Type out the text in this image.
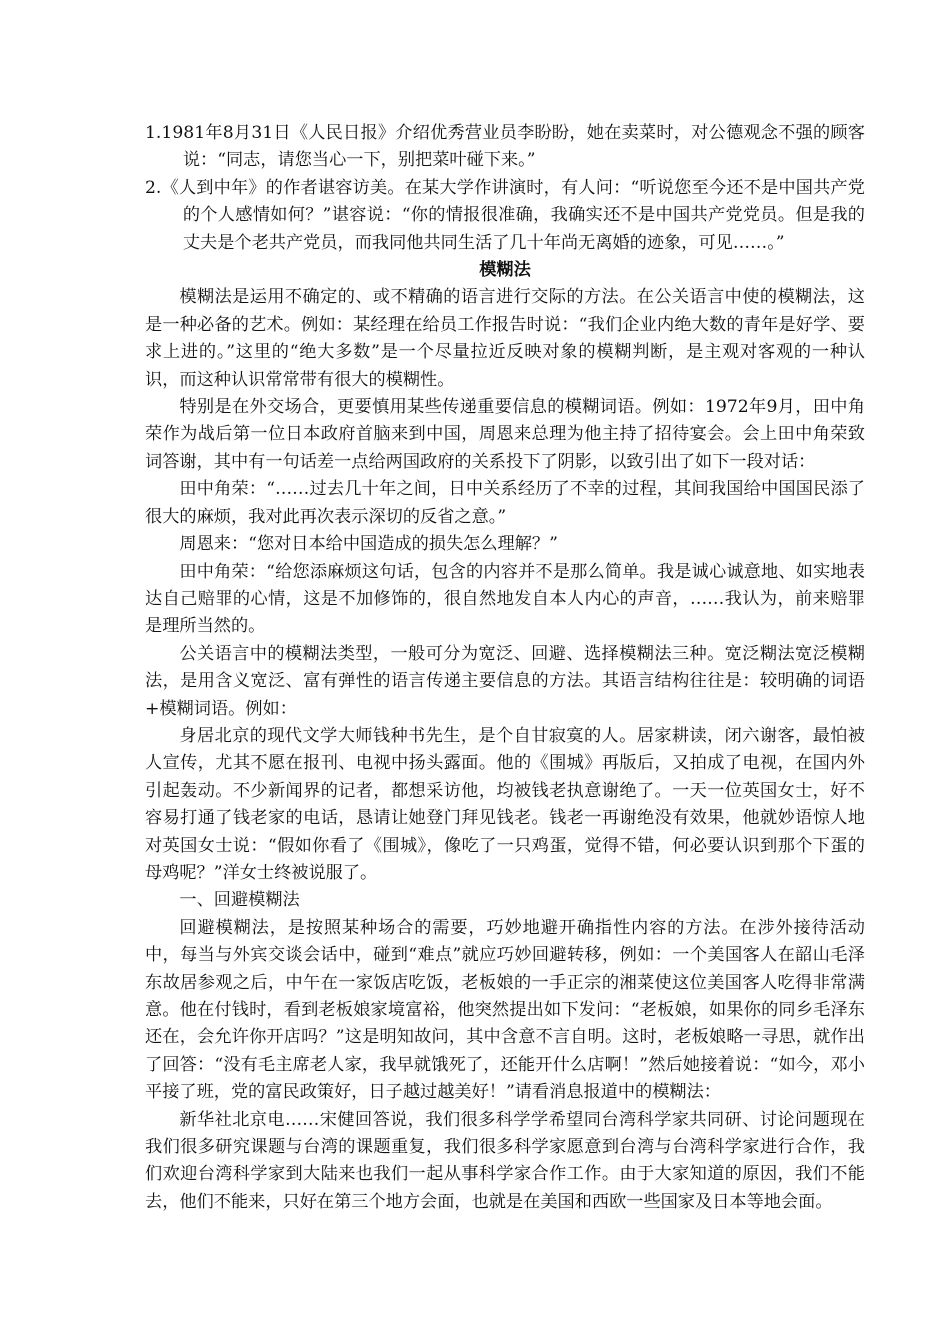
1.1981年8月31日《人民日报》介绍优秀营业员李盼盼，她在卖菜时，对公德观念不强的顾客说：“同志，请您当心一下，别把菜叶碰下来。”

2.《人到中年》的作者谌容访美。在某大学作讲演时，有人问：“听说您至今还不是中国共产党的个人感情如何？”谌容说：“你的情报很准确，我确实还不是中国共产党党员。但是我的丈夫是个老共产党员，而我同他共同生活了几十年尚无离婚的迹象，可见……。”

模糊法

模糊法是运用不确定的、或不精确的语言进行交际的方法。在公关语言中使的模糊法，这是一种必备的艺术。例如：某经理在给员工作报告时说：“我们企业内绝大数的青年是好学、要求上进的。”这里的“绝大多数”是一个尽量拉近反映对象的模糊判断，是主观对客观的一种认识，而这种认识常常带有很大的模糊性。

特别是在外交场合，更要慎用某些传递重要信息的模糊词语。例如：1972年9月，田中角荣作为战后第一位日本政府首脑来到中国，周恩来总理为他主持了招待宴会。会上田中角荣致词答谢，其中有一句话差一点给两国政府的关系投下了阴影，以致引出了如下一段对话：

田中角荣：“……过去几十年之间，日中关系经历了不幸的过程，其间我国给中国国民添了很大的麻烦，我对此再次表示深切的反省之意。”

周恩来：“您对日本给中国造成的损失怎么理解？”

田中角荣：“给您添麻烦这句话，包含的内容并不是那么简单。我是诚心诚意地、如实地表达自己赔罪的心情，这是不加修饰的，很自然地发自本人内心的声音，……我认为，前来赔罪是理所当然的。

公关语言中的模糊法类型，一般可分为宽泛、回避、选择模糊法三种。宽泛糊法宽泛模糊法，是用含义宽泛、富有弹性的语言传递主要信息的方法。其语言结构往往是：较明确的词语+模糊词语。例如：

身居北京的现代文学大师钱种书先生，是个自甘寂寞的人。居家耕读，闭六谢客，最怕被人宣传，尤其不愿在报刊、电视中扬头露面。他的《围城》再版后，又拍成了电视，在国内外引起轰动。不少新闻界的记者，都想采访他，均被钱老执意谢绝了。一天一位英国女士，好不容易打通了钱老家的电话，恳请让她登门拜见钱老。钱老一再谢绝没有效果，他就妙语惊人地对英国女士说：“假如你看了《围城》，像吃了一只鸡蛋，觉得不错，何必要认识到那个下蛋的母鸡呢？”洋女士终被说服了。

一、回避模糊法

回避模糊法，是按照某种场合的需要，巧妙地避开确指性内容的方法。在涉外接待活动中，每当与外宾交谈会话中，碰到“难点”就应巧妙回避转移，例如：一个美国客人在韶山毛泽东故居参观之后，中午在一家饭店吃饭，老板娘的一手正宗的湘菜使这位美国客人吃得非常满意。他在付钱时，看到老板娘家境富裕，他突然提出如下发问：“老板娘，如果你的同乡毛泽东还在，会允许你开店吗？”这是明知故问，其中含意不言自明。这时，老板娘略一寻思，就作出了回答：“没有毛主席老人家，我早就饿死了，还能开什么店啊！”然后她接着说：“如今，邓小平接了班，党的富民政策好，日子越过越美好！”请看消息报道中的模糊法：

新华社北京电……宋健回答说，我们很多科学学希望同台湾科学家共同研、讨论问题现在我们很多研究课题与台湾的课题重复，我们很多科学家愿意到台湾与台湾科学家进行合作，我们欢迎台湾科学家到大陆来也我们一起从事科学家合作工作。由于大家知道的原因，我们不能去，他们不能来，只好在第三个地方会面，也就是在美国和西欧一些国家及日本等地会面。
